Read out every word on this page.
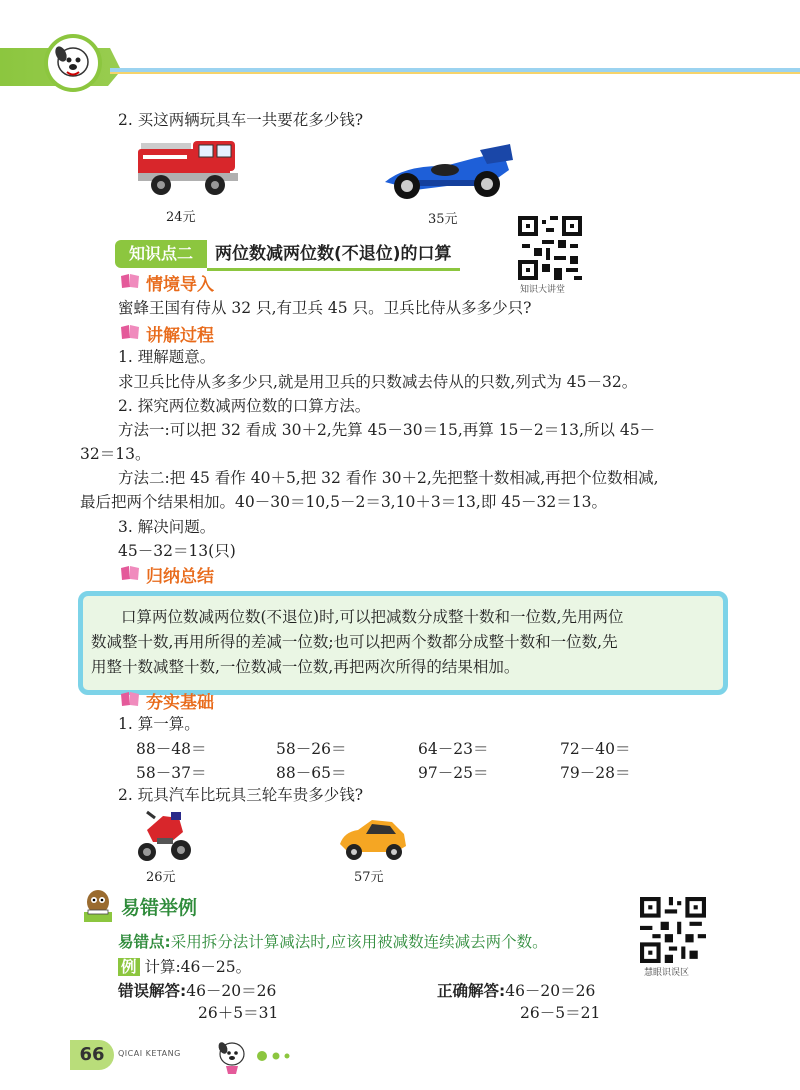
七彩课堂 数学 青岛版·六年制 二年级 下册
2. 买这两辆玩具车一共要花多少钱?
24元	35元
知识大讲堂
知识点二	两位数减两位数(不退位)的口算
情境导入
蜜蜂王国有侍从 32 只,有卫兵 45 只。卫兵比侍从多多少只?
讲解过程
1. 理解题意。
求卫兵比侍从多多少只,就是用卫兵的只数减去侍从的只数,列式为 45－32。
2. 探究两位数减两位数的口算方法。
方法一:可以把 32 看成 30＋2,先算 45－30＝15,再算 15－2＝13,所以 45－
32＝13。
方法二:把 45 看作 40＋5,把 32 看作 30＋2,先把整十数相减,再把个位数相减,
最后把两个结果相加。40－30＝10,5－2＝3,10＋3＝13,即 45－32＝13。
3. 解决问题。
45－32＝13(只)
归纳总结
口算两位数减两位数(不退位)时,可以把减数分成整十数和一位数,先用两位
数减整十数,再用所得的差减一位数;也可以把两个数都分成整十数和一位数,先
用整十数减整十数,一位数减一位数,再把两次所得的结果相加。
夯实基础
1. 算一算。
88－48＝	58－26＝	64－23＝	72－40＝
58－37＝	88－65＝	97－25＝	79－28＝
2. 玩具汽车比玩具三轮车贵多少钱?
26元	57元
易错举例
慧眼识误区
易错点:采用拆分法计算减法时,应该用被减数连续减去两个数。
例 计算:46－25。
错误解答:46－20＝26
26＋5＝31
正确解答:46－20＝26
26－5＝21
66	QICAI KETANG
